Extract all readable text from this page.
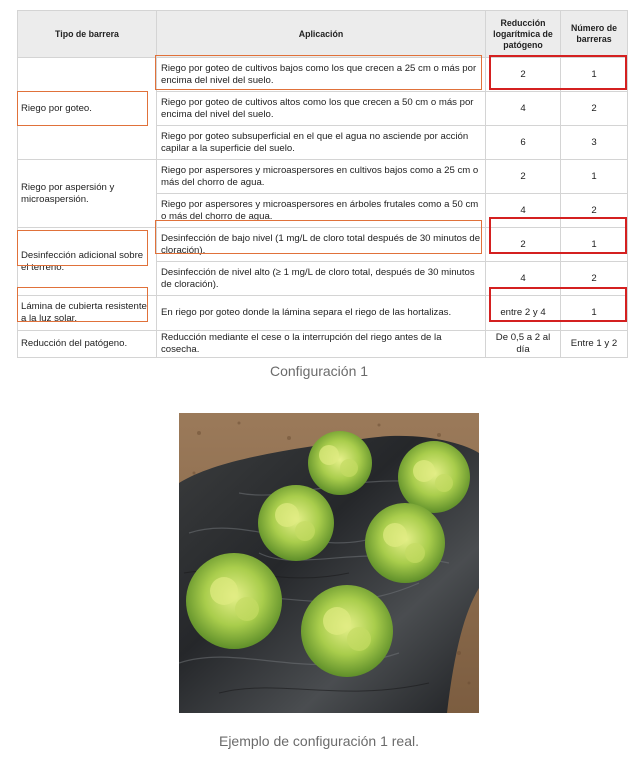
Tipo de barrera	Aplicación	Reducción logarítmica de patógeno	Número de barreras
Riego por goteo.	Riego por goteo de cultivos bajos como los que crecen a 25 cm o más por encima del nivel del suelo.	2	1
	Riego por goteo de cultivos altos como los que crecen a 50 cm o más por encima del nivel del suelo.	4	2
	Riego por goteo subsuperficial en el que el agua no asciende por acción capilar a la superficie del suelo.	6	3
Riego por aspersión y microaspersión.	Riego por aspersores y microaspersores en cultivos bajos como a 25 cm o más del chorro de agua.	2	1
	Riego por aspersores y microaspersores en árboles frutales como a 50 cm o más del chorro de agua.	4	2
Desinfección adicional sobre el terreno.	Desinfección de bajo nivel (1 mg/L de cloro total después de 30 minutos de cloración).	2	1
	Desinfección de nivel alto (≥ 1 mg/L de cloro total, después de 30 minutos de cloración).	4	2
Lámina de cubierta resistente a la luz solar.	En riego por goteo donde la lámina separa el riego de las hortalizas.	entre 2 y 4	1
Reducción del patógeno.	Reducción mediante el cese o la interrupción del riego antes de la cosecha.	De 0,5 a 2 al día	Entre 1 y 2
Configuración 1
Ejemplo de configuración 1 real.
